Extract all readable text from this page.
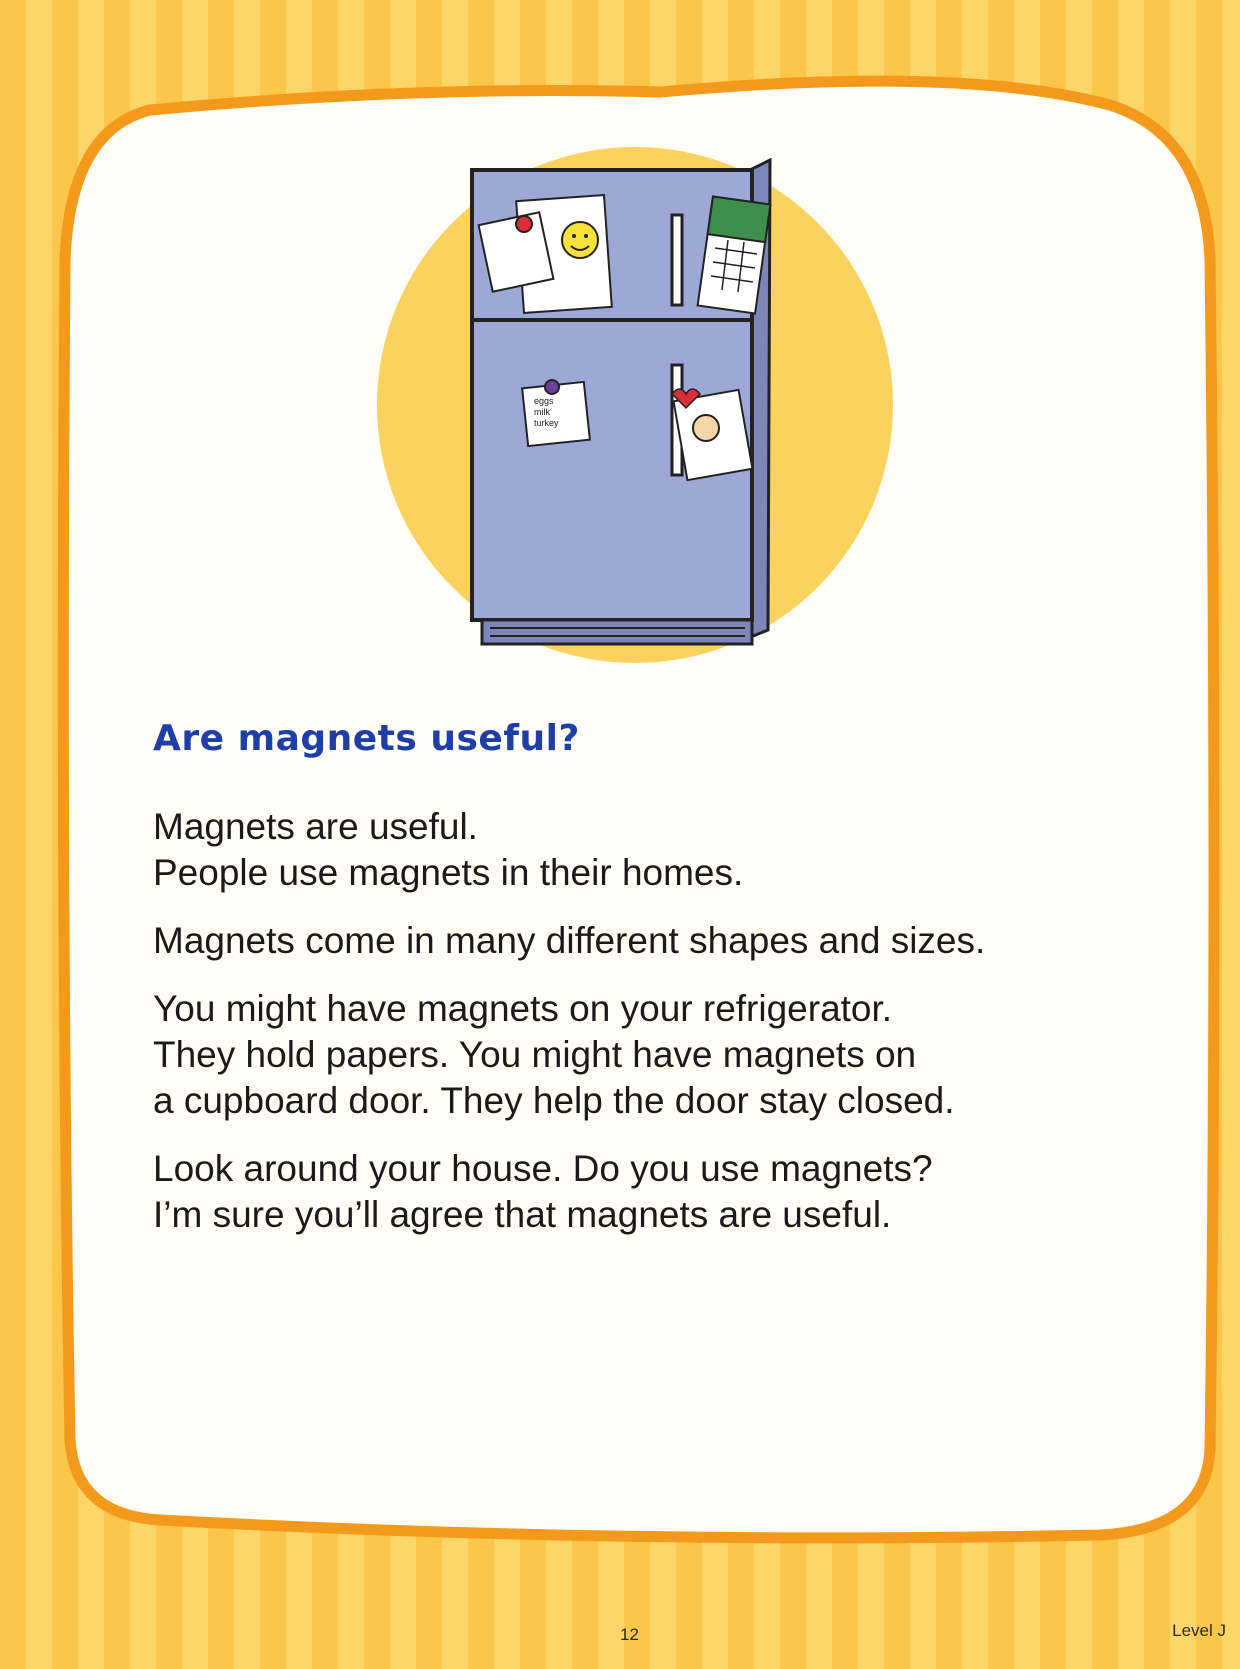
eggs
milk
turkey
Are magnets useful?

Magnets are useful.
People use magnets in their homes.

Magnets come in many different shapes and sizes.

You might have magnets on your refrigerator.
They hold papers. You might have magnets on
a cupboard door. They help the door stay closed.

Look around your house. Do you use magnets?
I’m sure you’ll agree that magnets are useful.

12	Level J
